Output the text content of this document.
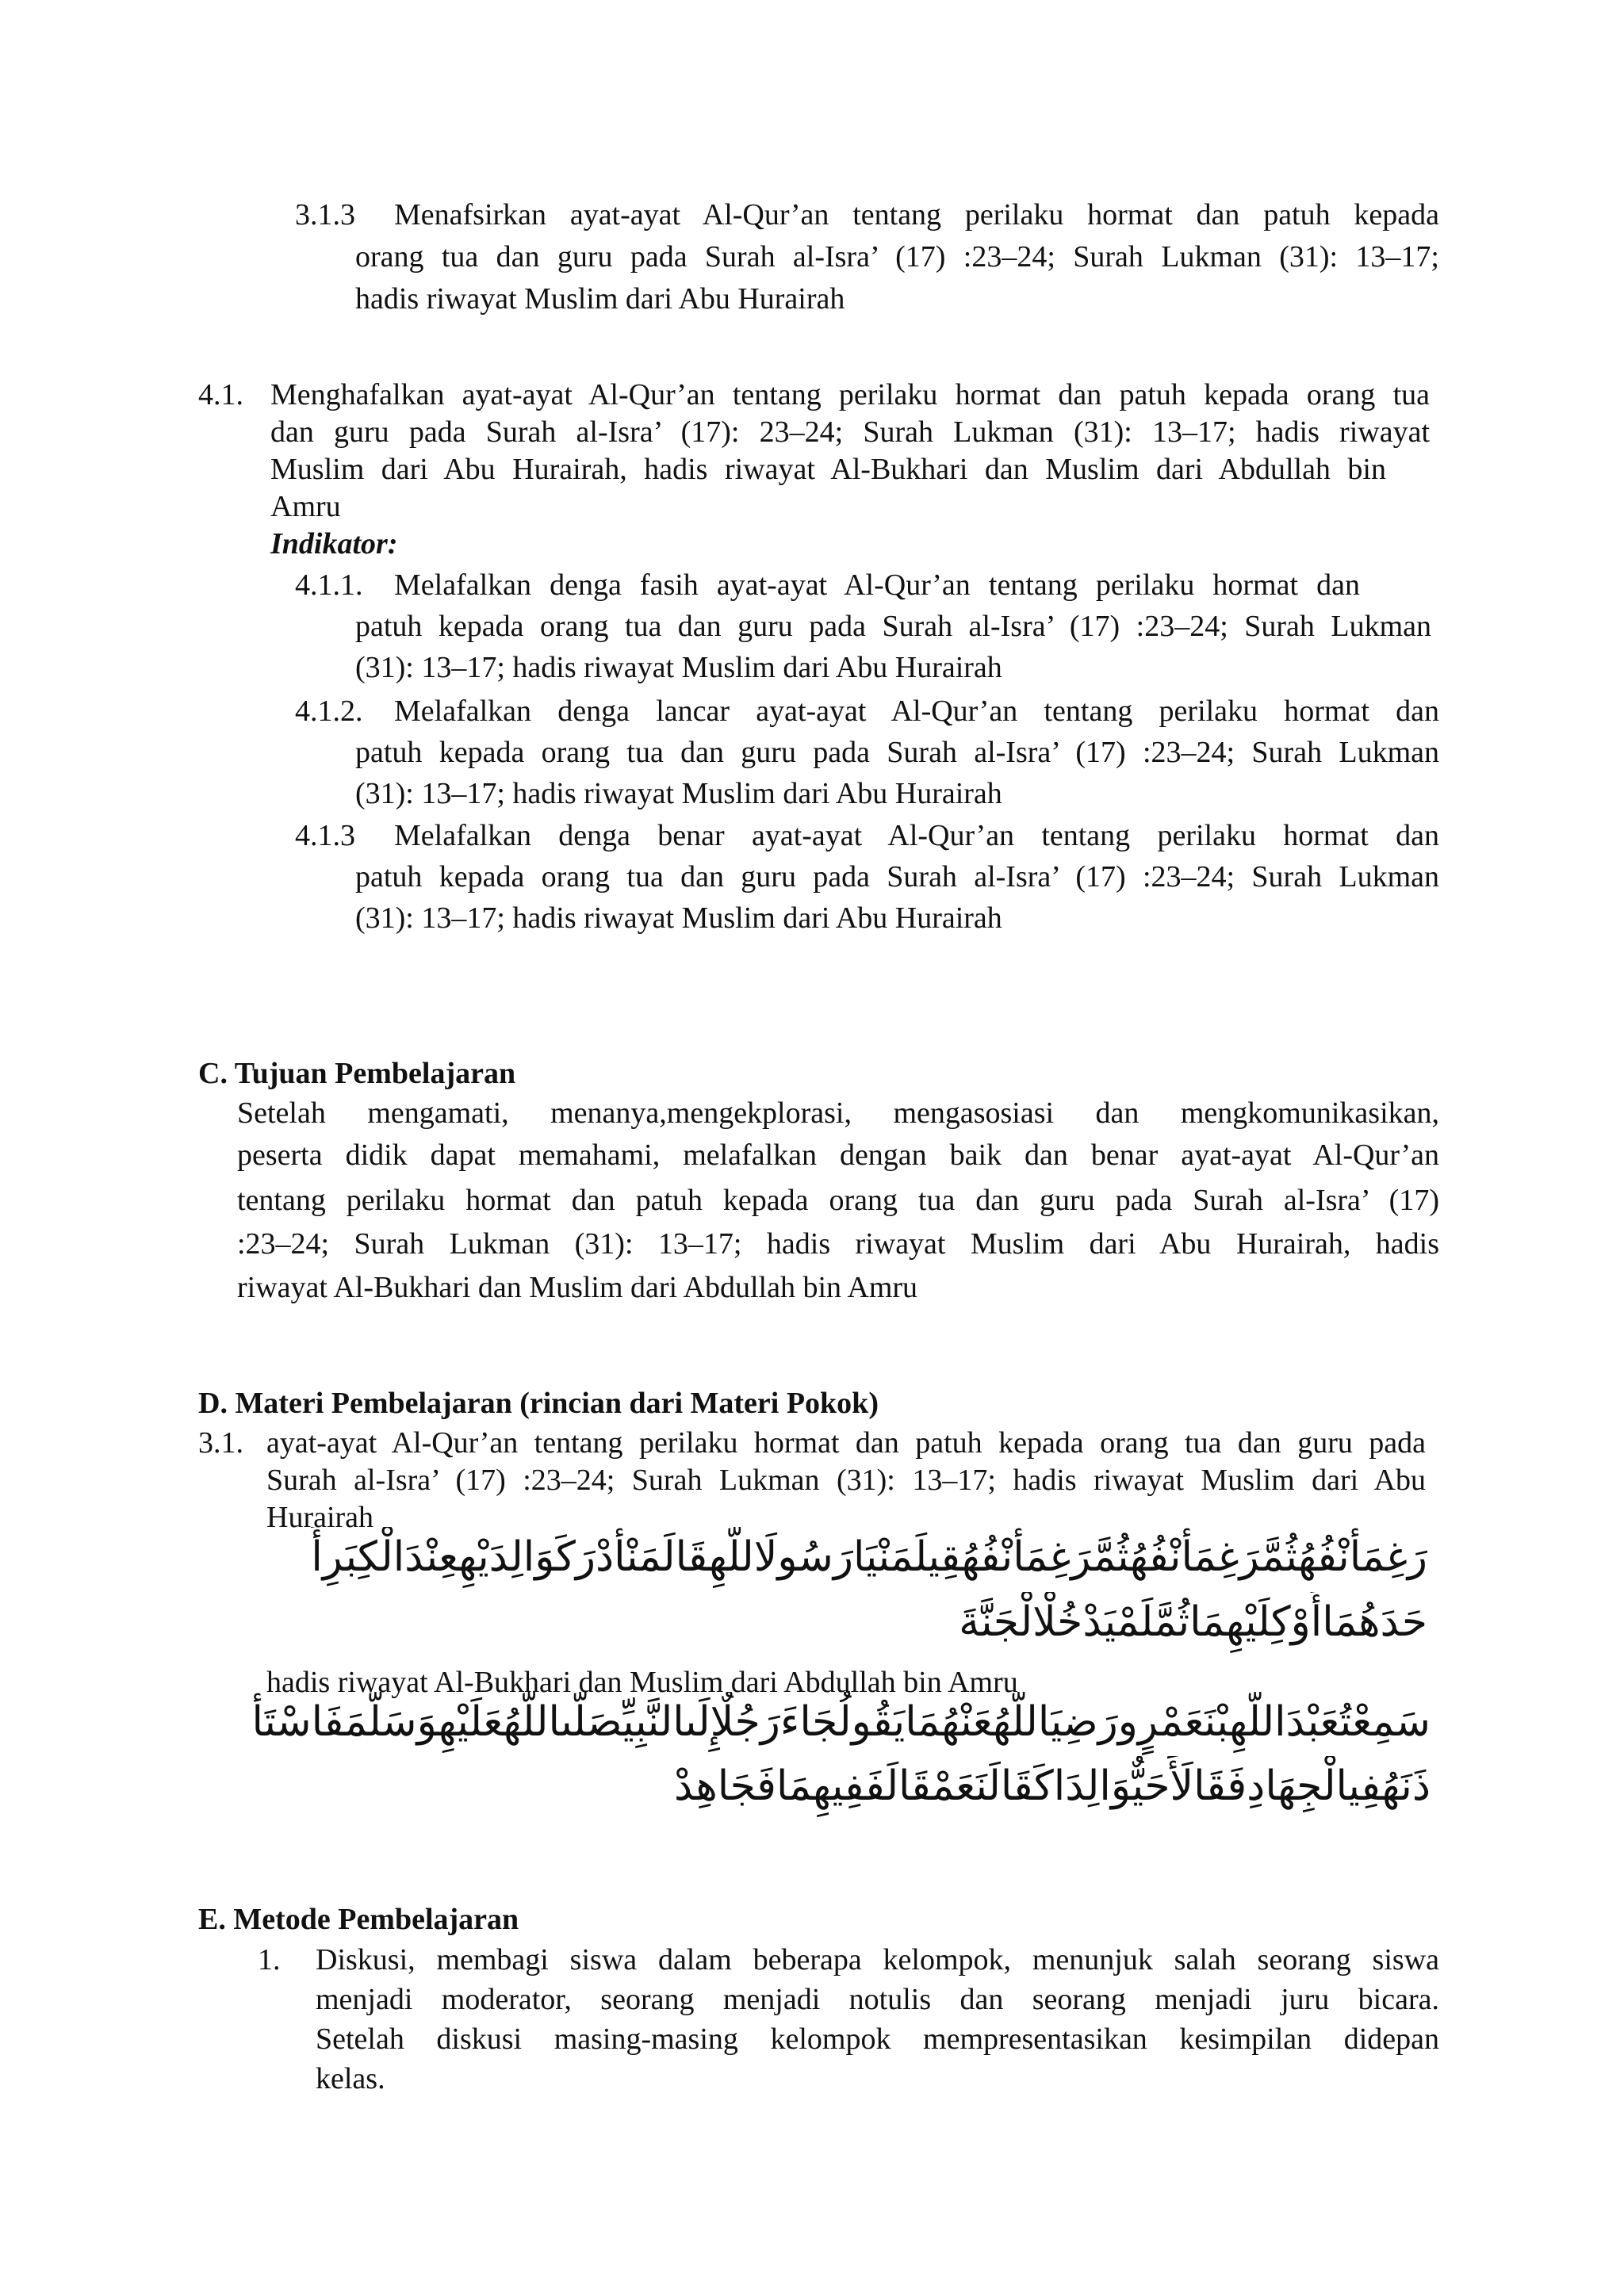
3.1.3 Menafsirkan ayat-ayat Al-Qur’an tentang perilaku hormat dan patuh kepada
orang tua dan guru pada Surah al-Isra’ (17) :23–24; Surah Lukman (31): 13–17;
hadis riwayat Muslim dari Abu Hurairah
4.1. Menghafalkan ayat-ayat Al-Qur’an tentang perilaku hormat dan patuh kepada orang tua
dan guru pada Surah al-Isra’ (17): 23–24; Surah Lukman (31): 13–17; hadis riwayat
Muslim dari Abu Hurairah, hadis riwayat Al-Bukhari dan Muslim dari Abdullah bin
Amru
Indikator:
4.1.1. Melafalkan denga fasih ayat-ayat Al-Qur’an tentang perilaku hormat dan
patuh kepada orang tua dan guru pada Surah al-Isra’ (17) :23–24; Surah Lukman
(31): 13–17; hadis riwayat Muslim dari Abu Hurairah
4.1.2. Melafalkan denga lancar ayat-ayat Al-Qur’an tentang perilaku hormat dan
patuh kepada orang tua dan guru pada Surah al-Isra’ (17) :23–24; Surah Lukman
(31): 13–17; hadis riwayat Muslim dari Abu Hurairah
4.1.3 Melafalkan denga benar ayat-ayat Al-Qur’an tentang perilaku hormat dan
patuh kepada orang tua dan guru pada Surah al-Isra’ (17) :23–24; Surah Lukman
(31): 13–17; hadis riwayat Muslim dari Abu Hurairah
C. Tujuan Pembelajaran
Setelah mengamati, menanya,mengekplorasi, mengasosiasi dan mengkomunikasikan,
peserta didik dapat memahami, melafalkan dengan baik dan benar ayat-ayat Al-Qur’an
tentang perilaku hormat dan patuh kepada orang tua dan guru pada Surah al-Isra’ (17)
:23–24; Surah Lukman (31): 13–17; hadis riwayat Muslim dari Abu Hurairah, hadis
riwayat Al-Bukhari dan Muslim dari Abdullah bin Amru
D. Materi Pembelajaran (rincian dari Materi Pokok)
3.1. ayat-ayat Al-Qur’an tentang perilaku hormat dan patuh kepada orang tua dan guru pada
Surah al-Isra’ (17) :23–24; Surah Lukman (31): 13–17; hadis riwayat Muslim dari Abu
Hurairah
رَغِمَأَنْفُهُثُمَّرَغِمَأَنْفُهُثُمَّرَغِمَأَنْفُهُقِيلَمَنْيَارَسُولَاللَّهِقَالَمَنْأَدْرَكَوَالِدَيْهِعِنْدَالْكِبَرِأَ
حَدَهُمَاأَوْكِلَيْهِمَاثُمَّلَمْيَدْخُلْالْجَنَّةَ
hadis riwayat Al-Bukhari dan Muslim dari Abdullah bin Amru
سَمِعْتُعَبْدَاللَّهِبْنَعَمْرٍورَضِيَاللَّهُعَنْهُمَايَقُولُجَاءَرَجُلٌإِلَىالنَّبِيِّصَلَّىاللَّهُعَلَيْهِوَسَلَّمَفَاسْتَأْ
ذَنَهُفِيالْجِهَادِفَقَالَأَحَيٌّوَالِدَاكَقَالَنَعَمْقَالَفَفِيهِمَافَجَاهِدْ
E. Metode Pembelajaran
1. Diskusi, membagi siswa dalam beberapa kelompok, menunjuk salah seorang siswa
menjadi moderator, seorang menjadi notulis dan seorang menjadi juru bicara.
Setelah diskusi masing-masing kelompok mempresentasikan kesimpilan didepan
kelas.
